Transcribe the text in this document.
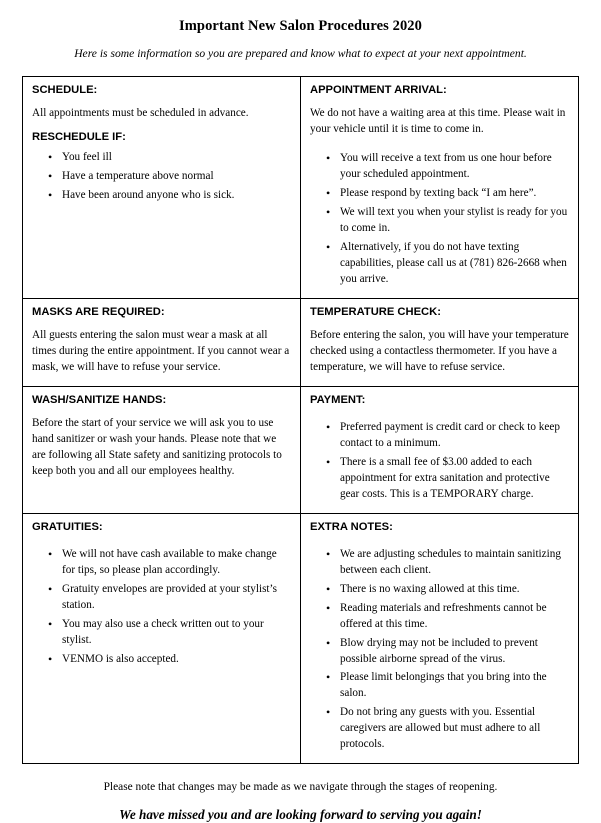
Important New Salon Procedures 2020
Here is some information so you are prepared and know what to expect at your next appointment.
SCHEDULE:
All appointments must be scheduled in advance.
RESCHEDULE IF:
• You feel ill
• Have a temperature above normal
• Have been around anyone who is sick.

APPOINTMENT ARRIVAL:
We do not have a waiting area at this time. Please wait in your vehicle until it is time to come in.
• You will receive a text from us one hour before your scheduled appointment.
• Please respond by texting back “I am here”.
• We will text you when your stylist is ready for you to come in.
• Alternatively, if you do not have texting capabilities, please call us at (781) 826-2668 when you arrive.

MASKS ARE REQUIRED:
All guests entering the salon must wear a mask at all times during the entire appointment. If you cannot wear a mask, we will have to refuse your service.

TEMPERATURE CHECK:
Before entering the salon, you will have your temperature checked using a contactless thermometer. If you have a temperature, we will have to refuse service.

WASH/SANITIZE HANDS:
Before the start of your service we will ask you to use hand sanitizer or wash your hands. Please note that we are following all State safety and sanitizing protocols to keep both you and all our employees healthy.

PAYMENT:
• Preferred payment is credit card or check to keep contact to a minimum.
• There is a small fee of $3.00 added to each appointment for extra sanitation and protective gear costs. This is a TEMPORARY charge.

GRATUITIES:
• We will not have cash available to make change for tips, so please plan accordingly.
• Gratuity envelopes are provided at your stylist’s station.
• You may also use a check written out to your stylist.
• VENMO is also accepted.

EXTRA NOTES:
• We are adjusting schedules to maintain sanitizing between each client.
• There is no waxing allowed at this time.
• Reading materials and refreshments cannot be offered at this time.
• Blow drying may not be included to prevent possible airborne spread of the virus.
• Please limit belongings that you bring into the salon.
• Do not bring any guests with you. Essential caregivers are allowed but must adhere to all protocols.
Please note that changes may be made as we navigate through the stages of reopening.
We have missed you and are looking forward to serving you again!
